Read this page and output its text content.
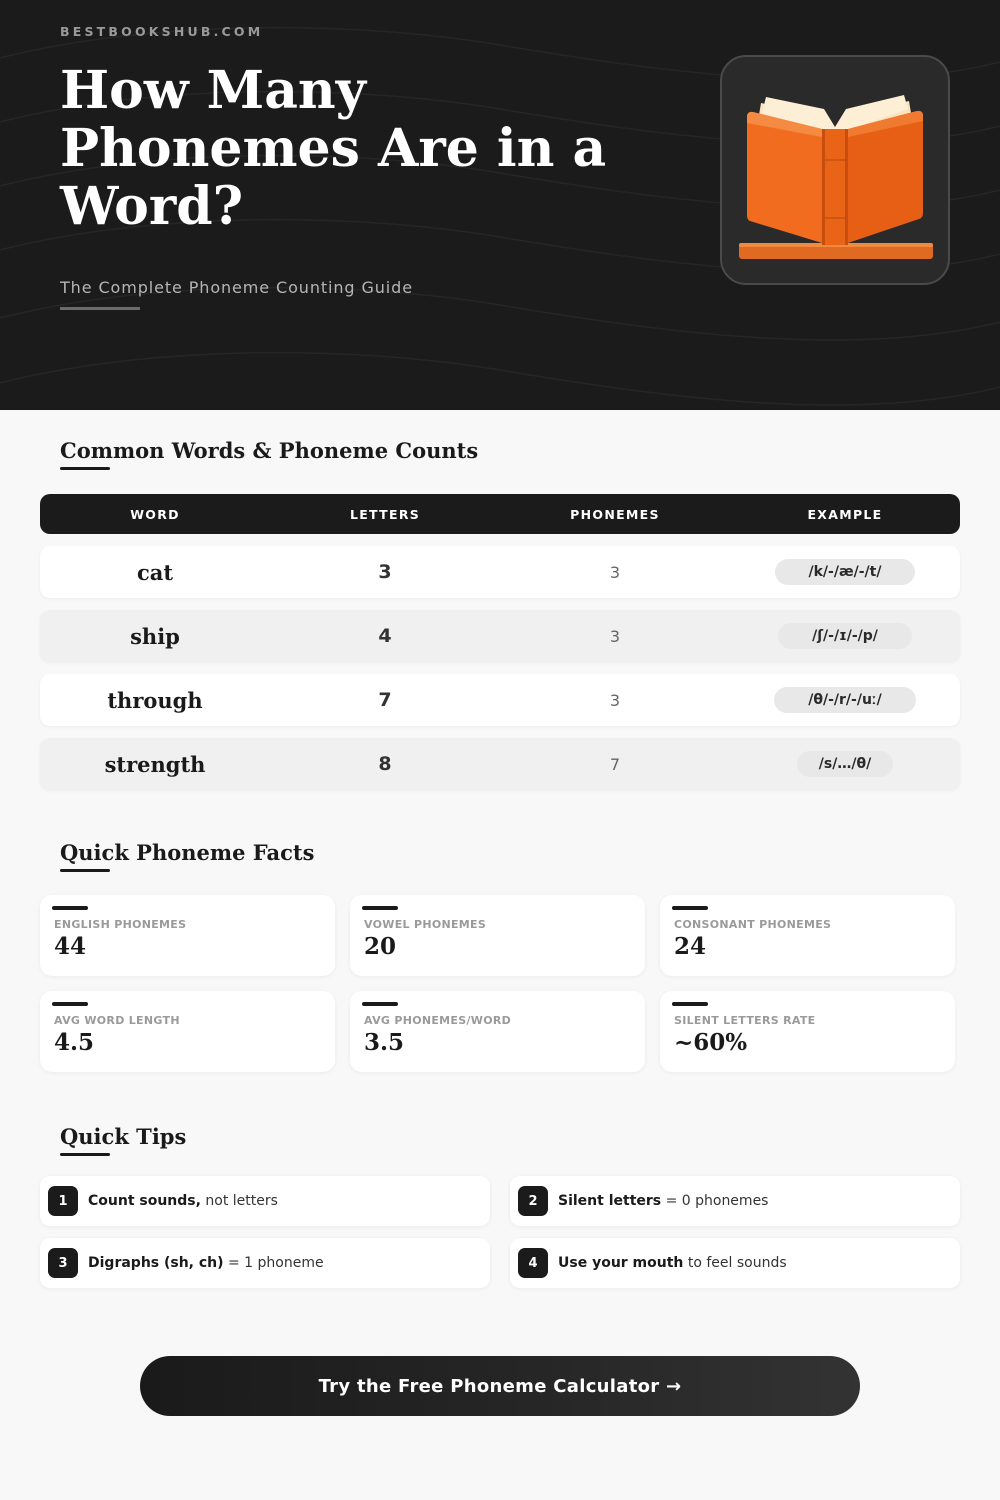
BESTBOOKSHUB.COM
How Many Phonemes Are in a Word?
The Complete Phoneme Counting Guide
Common Words & Phoneme Counts
WORD	LETTERS	PHONEMES	EXAMPLE
cat	3	3	/k/-/æ/-/t/
ship	4	3	/ʃ/-/ɪ/-/p/
through	7	3	/θ/-/r/-/uː/
strength	8	7	/s/…/θ/
Quick Phoneme Facts
ENGLISH PHONEMES
44
VOWEL PHONEMES
20
CONSONANT PHONEMES
24
AVG WORD LENGTH
4.5
AVG PHONEMES/WORD
3.5
SILENT LETTERS RATE
~60%
Quick Tips
1	Count sounds, not letters	2	Silent letters = 0 phonemes
3	Digraphs (sh, ch) = 1 phoneme	4	Use your mouth to feel sounds
Try the Free Phoneme Calculator →
